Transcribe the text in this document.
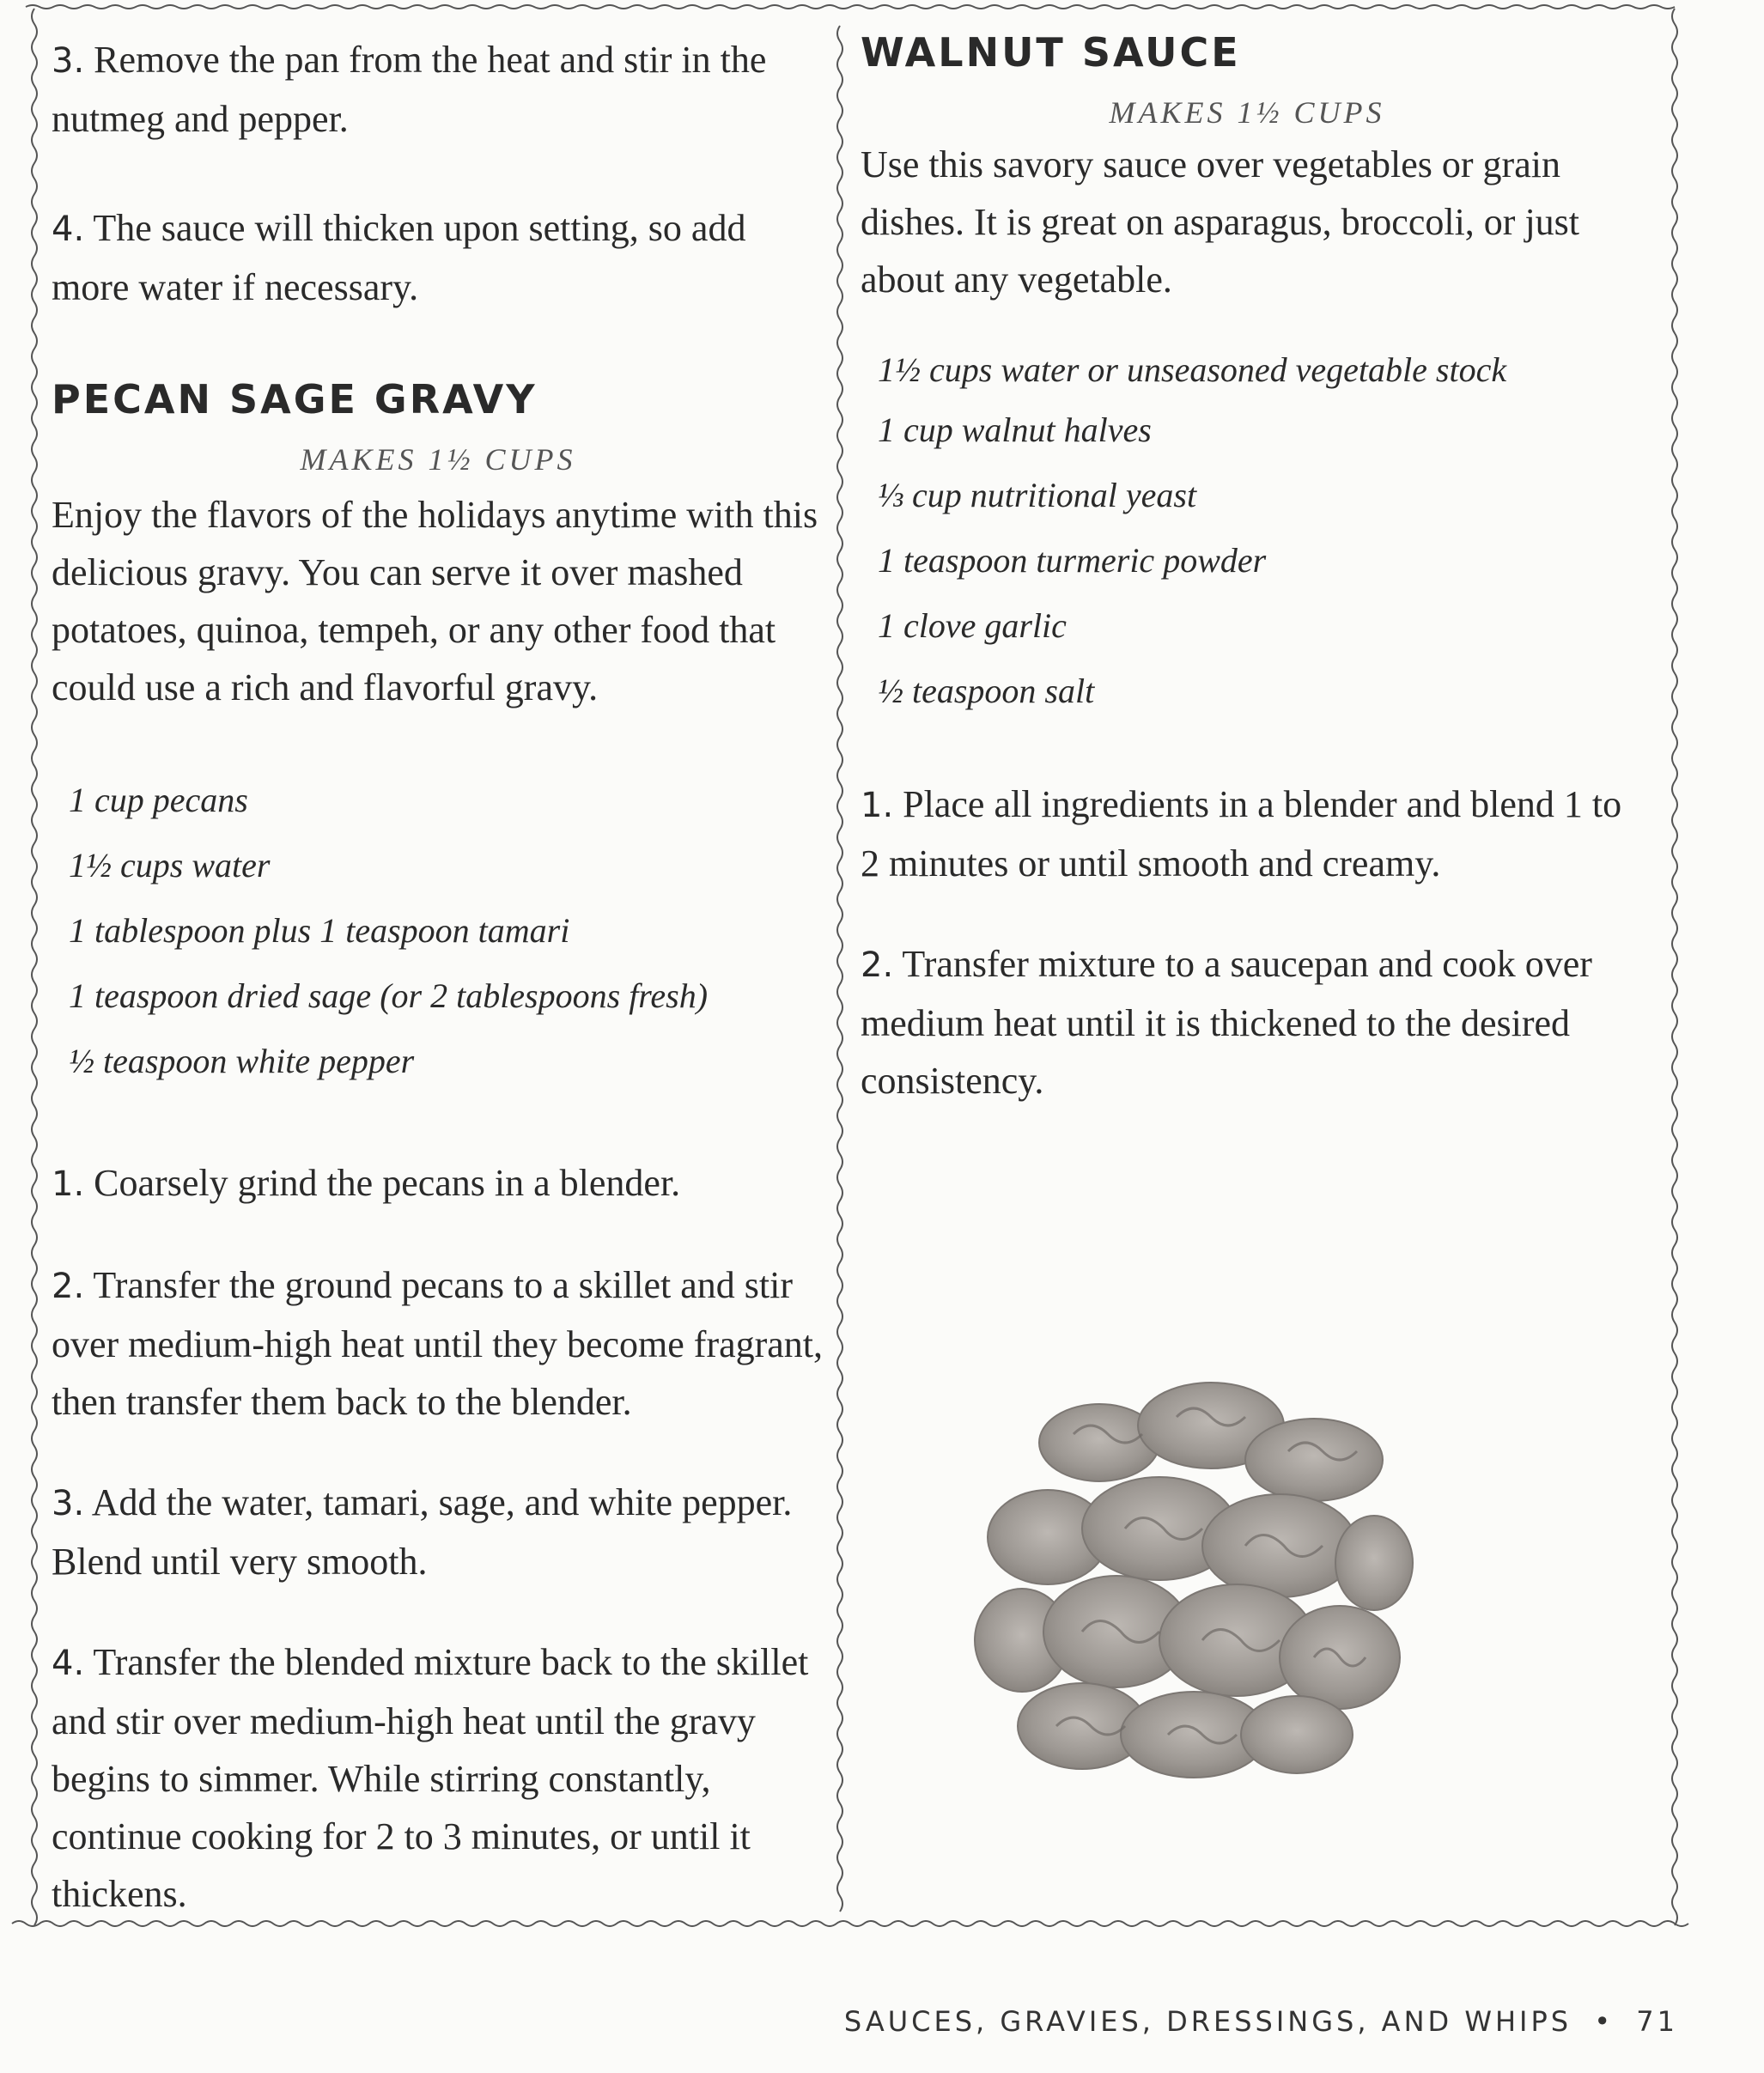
3. Remove the pan from the heat and stir in the nutmeg and pepper.

4. The sauce will thicken upon setting, so add more water if necessary.

PECAN SAGE GRAVY

MAKES 1½ CUPS

Enjoy the flavors of the holidays anytime with this delicious gravy. You can serve it over mashed potatoes, quinoa, tempeh, or any other food that could use a rich and flavorful gravy.

1 cup pecans
1½ cups water
1 tablespoon plus 1 teaspoon tamari
1 teaspoon dried sage (or 2 tablespoons fresh)
½ teaspoon white pepper

1. Coarsely grind the pecans in a blender.

2. Transfer the ground pecans to a skillet and stir over medium-high heat until they become fragrant, then transfer them back to the blender.

3. Add the water, tamari, sage, and white pepper. Blend until very smooth.

4. Transfer the blended mixture back to the skillet and stir over medium-high heat until the gravy begins to simmer. While stirring constantly, continue cooking for 2 to 3 minutes, or until it thickens.

WALNUT SAUCE

MAKES 1½ CUPS

Use this savory sauce over vegetables or grain dishes. It is great on asparagus, broccoli, or just about any vegetable.

1½ cups water or unseasoned vegetable stock
1 cup walnut halves
⅓ cup nutritional yeast
1 teaspoon turmeric powder
1 clove garlic
½ teaspoon salt

1. Place all ingredients in a blender and blend 1 to 2 minutes or until smooth and creamy.

2. Transfer mixture to a saucepan and cook over medium heat until it is thickened to the desired consistency.

SAUCES, GRAVIES, DRESSINGS, AND WHIPS • 71
